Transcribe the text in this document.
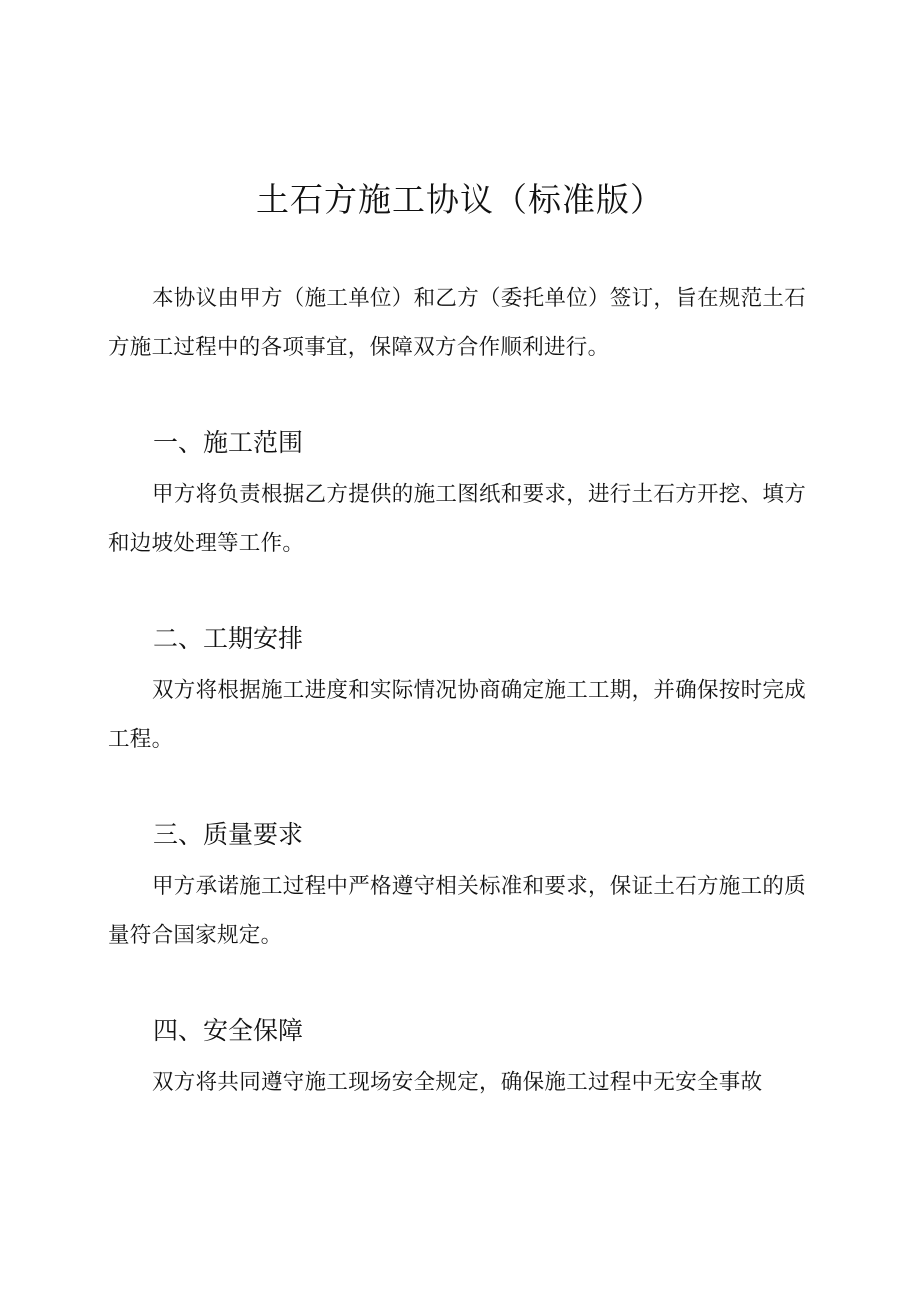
土石方施工协议（标准版）

本协议由甲方（施工单位）和乙方（委托单位）签订，旨在规范土石方施工过程中的各项事宜，保障双方合作顺利进行。

一、施工范围

甲方将负责根据乙方提供的施工图纸和要求，进行土石方开挖、填方和边坡处理等工作。

二、工期安排

双方将根据施工进度和实际情况协商确定施工工期，并确保按时完成工程。

三、质量要求

甲方承诺施工过程中严格遵守相关标准和要求，保证土石方施工的质量符合国家规定。

四、安全保障

双方将共同遵守施工现场安全规定，确保施工过程中无安全事故
